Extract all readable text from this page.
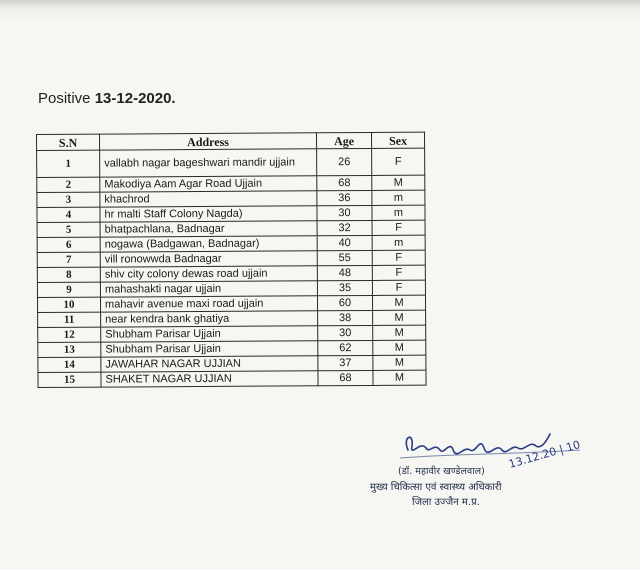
Positive 13-12-2020.
S.N	Address	Age	Sex
1	vallabh nagar bageshwari mandir ujjain	26	F
2	Makodiya Aam Agar Road Ujjain	68	M
3	khachrod	36	m
4	hr malti Staff Colony Nagda)	30	m
5	bhatpachlana, Badnagar	32	F
6	nogawa (Badgawan, Badnagar)	40	m
7	vill ronowwda Badnagar	55	F
8	shiv city colony dewas road ujjain	48	F
9	mahashakti nagar ujjain	35	F
10	mahavir avenue maxi road ujjain	60	M
11	near kendra bank ghatiya	38	M
12	Shubham Parisar Ujjain	30	M
13	Shubham Parisar Ujjain	62	M
14	JAWAHAR NAGAR UJJIAN	37	M
15	SHAKET NAGAR UJJIAN	68	M
13.12.20 | 10
(डॉ. महावीर खण्डेलवाल)
मुख्य चिकित्सा एवं स्वास्थ्य अधिकारी
जिला उज्जैन म.प्र.
